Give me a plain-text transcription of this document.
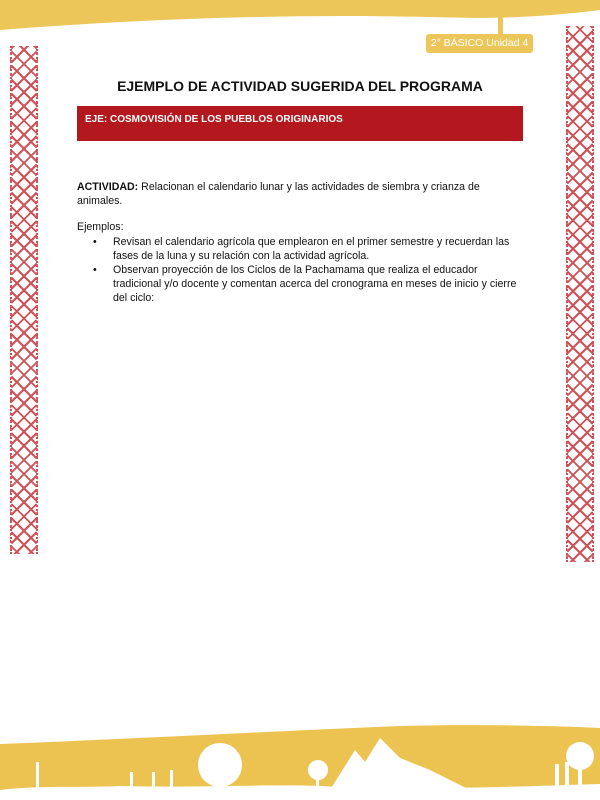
2° BÁSICO Unidad 4
EJEMPLO DE ACTIVIDAD SUGERIDA DEL PROGRAMA
EJE: COSMOVISIÓN DE LOS PUEBLOS ORIGINARIOS

ACTIVIDAD: Relacionan el calendario lunar y las actividades de siembra y crianza de animales.

Ejemplos:
• Revisan el calendario agrícola que emplearon en el primer semestre y recuerdan las fases de la luna y su relación con la actividad agrícola.
• Observan proyección de los Ciclos de la Pachamama que realiza el educador tradicional y/o docente y comentan acerca del cronograma en meses de inicio y cierre del ciclo:
